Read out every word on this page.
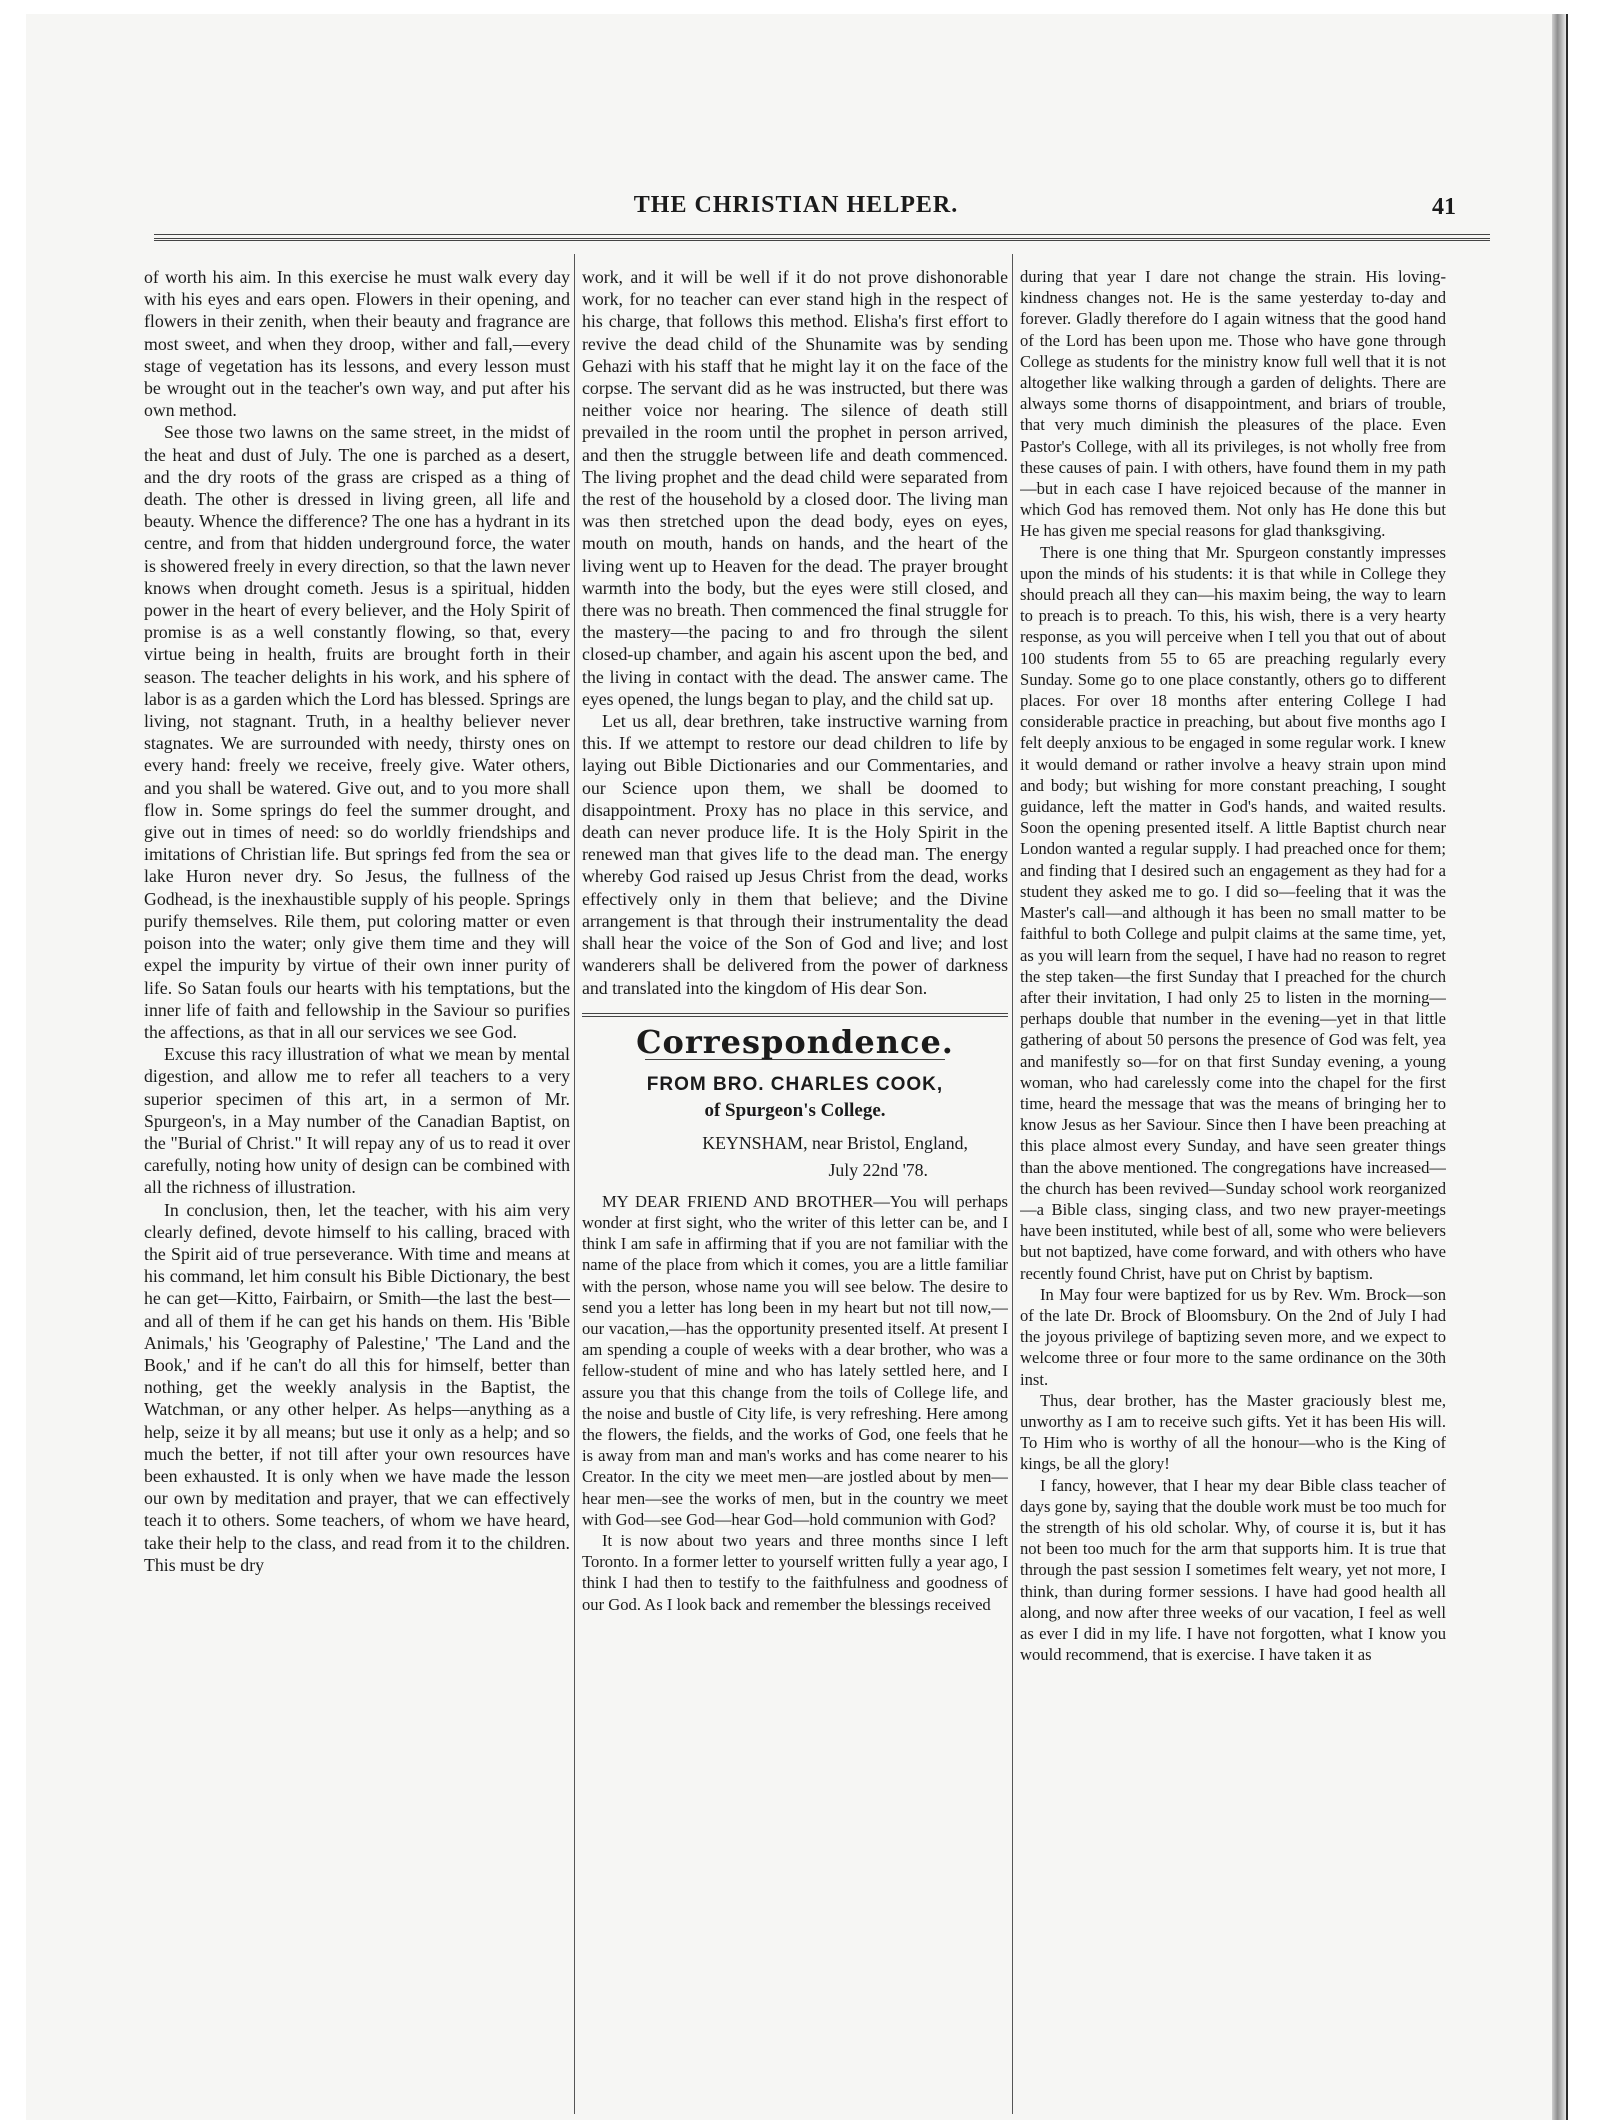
THE CHRISTIAN HELPER.	41

of worth his aim. In this exercise he must walk every day with his eyes and ears open. Flowers in their opening, and flowers in their zenith, when their beauty and fragrance are most sweet, and when they droop, wither and fall,—every stage of vegetation has its lessons, and every lesson must be wrought out in the teacher's own way, and put after his own method.

See those two lawns on the same street, in the midst of the heat and dust of July. The one is parched as a desert, and the dry roots of the grass are crisped as a thing of death. The other is dressed in living green, all life and beauty. Whence the difference? The one has a hydrant in its centre, and from that hidden underground force, the water is showered freely in every direction, so that the lawn never knows when drought cometh. Jesus is a spiritual, hidden power in the heart of every believer, and the Holy Spirit of promise is as a well constantly flowing, so that, every virtue being in health, fruits are brought forth in their season. The teacher delights in his work, and his sphere of labor is as a garden which the Lord has blessed. Springs are living, not stagnant. Truth, in a healthy believer never stagnates. We are surrounded with needy, thirsty ones on every hand: freely we receive, freely give. Water others, and you shall be watered. Give out, and to you more shall flow in. Some springs do feel the summer drought, and give out in times of need: so do worldly friendships and imitations of Christian life. But springs fed from the sea or lake Huron never dry. So Jesus, the fullness of the Godhead, is the inexhaustible supply of his people. Springs purify themselves. Rile them, put coloring matter or even poison into the water; only give them time and they will expel the impurity by virtue of their own inner purity of life. So Satan fouls our hearts with his temptations, but the inner life of faith and fellowship in the Saviour so purifies the affections, as that in all our services we see God.

Excuse this racy illustration of what we mean by mental digestion, and allow me to refer all teachers to a very superior specimen of this art, in a sermon of Mr. Spurgeon's, in a May number of the Canadian Baptist, on the "Burial of Christ." It will repay any of us to read it over carefully, noting how unity of design can be combined with all the richness of illustration.

In conclusion, then, let the teacher, with his aim very clearly defined, devote himself to his calling, braced with the Spirit aid of true perseverance. With time and means at his command, let him consult his Bible Dictionary, the best he can get—Kitto, Fairbairn, or Smith—the last the best—and all of them if he can get his hands on them. His 'Bible Animals,' his 'Geography of Palestine,' 'The Land and the Book,' and if he can't do all this for himself, better than nothing, get the weekly analysis in the Baptist, the Watchman, or any other helper. As helps—anything as a help, seize it by all means; but use it only as a help; and so much the better, if not till after your own resources have been exhausted. It is only when we have made the lesson our own by meditation and prayer, that we can effectively teach it to others. Some teachers, of whom we have heard, take their help to the class, and read from it to the children. This must be dry

work, and it will be well if it do not prove dishonorable work, for no teacher can ever stand high in the respect of his charge, that follows this method. Elisha's first effort to revive the dead child of the Shunamite was by sending Gehazi with his staff that he might lay it on the face of the corpse. The servant did as he was instructed, but there was neither voice nor hearing. The silence of death still prevailed in the room until the prophet in person arrived, and then the struggle between life and death commenced. The living prophet and the dead child were separated from the rest of the household by a closed door. The living man was then stretched upon the dead body, eyes on eyes, mouth on mouth, hands on hands, and the heart of the living went up to Heaven for the dead. The prayer brought warmth into the body, but the eyes were still closed, and there was no breath. Then commenced the final struggle for the mastery—the pacing to and fro through the silent closed-up chamber, and again his ascent upon the bed, and the living in contact with the dead. The answer came. The eyes opened, the lungs began to play, and the child sat up.

Let us all, dear brethren, take instructive warning from this. If we attempt to restore our dead children to life by laying out Bible Dictionaries and our Commentaries, and our Science upon them, we shall be doomed to disappointment. Proxy has no place in this service, and death can never produce life. It is the Holy Spirit in the renewed man that gives life to the dead man. The energy whereby God raised up Jesus Christ from the dead, works effectively only in them that believe; and the Divine arrangement is that through their instrumentality the dead shall hear the voice of the Son of God and live; and lost wanderers shall be delivered from the power of darkness and translated into the kingdom of His dear Son.

Correspondence.
FROM BRO. CHARLES COOK,
of Spurgeon's College.
KEYNSHAM, near Bristol, England,
July 22nd '78.

MY DEAR FRIEND AND BROTHER—You will perhaps wonder at first sight, who the writer of this letter can be, and I think I am safe in affirming that if you are not familiar with the name of the place from which it comes, you are a little familiar with the person, whose name you will see below. The desire to send you a letter has long been in my heart but not till now,—our vacation,—has the opportunity presented itself. At present I am spending a couple of weeks with a dear brother, who was a fellow-student of mine and who has lately settled here, and I assure you that this change from the toils of College life, and the noise and bustle of City life, is very refreshing. Here among the flowers, the fields, and the works of God, one feels that he is away from man and man's works and has come nearer to his Creator. In the city we meet men—are jostled about by men—hear men—see the works of men, but in the country we meet with God—see God—hear God—hold communion with God?

It is now about two years and three months since I left Toronto. In a former letter to yourself written fully a year ago, I think I had then to testify to the faithfulness and goodness of our God. As I look back and remember the blessings received

during that year I dare not change the strain. His loving-kindness changes not. He is the same yesterday to-day and forever. Gladly therefore do I again witness that the good hand of the Lord has been upon me. Those who have gone through College as students for the ministry know full well that it is not altogether like walking through a garden of delights. There are always some thorns of disappointment, and briars of trouble, that very much diminish the pleasures of the place. Even Pastor's College, with all its privileges, is not wholly free from these causes of pain. I with others, have found them in my path —but in each case I have rejoiced because of the manner in which God has removed them. Not only has He done this but He has given me special reasons for glad thanksgiving.

There is one thing that Mr. Spurgeon constantly impresses upon the minds of his students: it is that while in College they should preach all they can—his maxim being, the way to learn to preach is to preach. To this, his wish, there is a very hearty response, as you will perceive when I tell you that out of about 100 students from 55 to 65 are preaching regularly every Sunday. Some go to one place constantly, others go to different places. For over 18 months after entering College I had considerable practice in preaching, but about five months ago I felt deeply anxious to be engaged in some regular work. I knew it would demand or rather involve a heavy strain upon mind and body; but wishing for more constant preaching, I sought guidance, left the matter in God's hands, and waited results. Soon the opening presented itself. A little Baptist church near London wanted a regular supply. I had preached once for them; and finding that I desired such an engagement as they had for a student they asked me to go. I did so—feeling that it was the Master's call—and although it has been no small matter to be faithful to both College and pulpit claims at the same time, yet, as you will learn from the sequel, I have had no reason to regret the step taken—the first Sunday that I preached for the church after their invitation, I had only 25 to listen in the morning—perhaps double that number in the evening—yet in that little gathering of about 50 persons the presence of God was felt, yea and manifestly so—for on that first Sunday evening, a young woman, who had carelessly come into the chapel for the first time, heard the message that was the means of bringing her to know Jesus as her Saviour. Since then I have been preaching at this place almost every Sunday, and have seen greater things than the above mentioned. The congregations have increased—the church has been revived—Sunday school work reorganized—a Bible class, singing class, and two new prayer-meetings have been instituted, while best of all, some who were believers but not baptized, have come forward, and with others who have recently found Christ, have put on Christ by baptism.

In May four were baptized for us by Rev. Wm. Brock—son of the late Dr. Brock of Bloomsbury. On the 2nd of July I had the joyous privilege of baptizing seven more, and we expect to welcome three or four more to the same ordinance on the 30th inst.

Thus, dear brother, has the Master graciously blest me, unworthy as I am to receive such gifts. Yet it has been His will. To Him who is worthy of all the honour—who is the King of kings, be all the glory!

I fancy, however, that I hear my dear Bible class teacher of days gone by, saying that the double work must be too much for the strength of his old scholar. Why, of course it is, but it has not been too much for the arm that supports him. It is true that through the past session I sometimes felt weary, yet not more, I think, than during former sessions. I have had good health all along, and now after three weeks of our vacation, I feel as well as ever I did in my life. I have not forgotten, what I know you would recommend, that is exercise. I have taken it as
